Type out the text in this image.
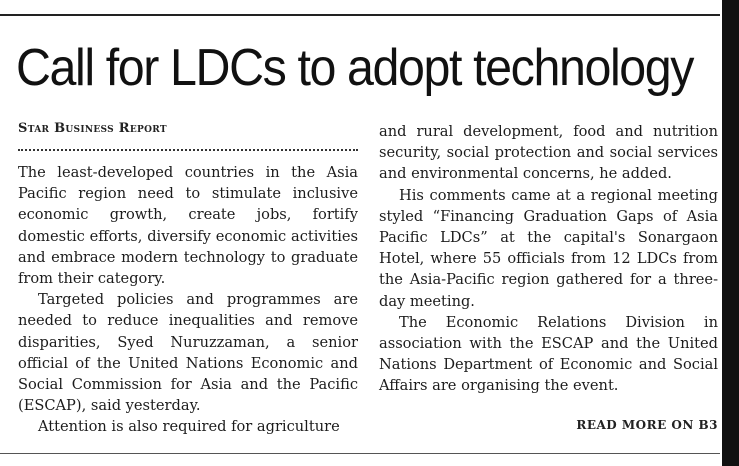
Call for LDCs to adopt technology
Star Business Report

The least-developed countries in the Asia Pacific region need to stimulate inclusive economic growth, create jobs, fortify domestic efforts, diversify economic activities and embrace modern technology to graduate from their category.

Targeted policies and programmes are needed to reduce inequalities and remove disparities, Syed Nuruzzaman, a senior official of the United Nations Economic and Social Commission for Asia and the Pacific (ESCAP), said yesterday.

Attention is also required for agriculture

and rural development, food and nutrition security, social protection and social services and environmental concerns, he added.

His comments came at a regional meeting styled “Financing Graduation Gaps of Asia Pacific LDCs” at the capital's Sonargaon Hotel, where 55 officials from 12 LDCs from the Asia-Pacific region gathered for a three-day meeting.

The Economic Relations Division in association with the ESCAP and the United Nations Department of Economic and Social Affairs are organising the event.

READ MORE ON B3
